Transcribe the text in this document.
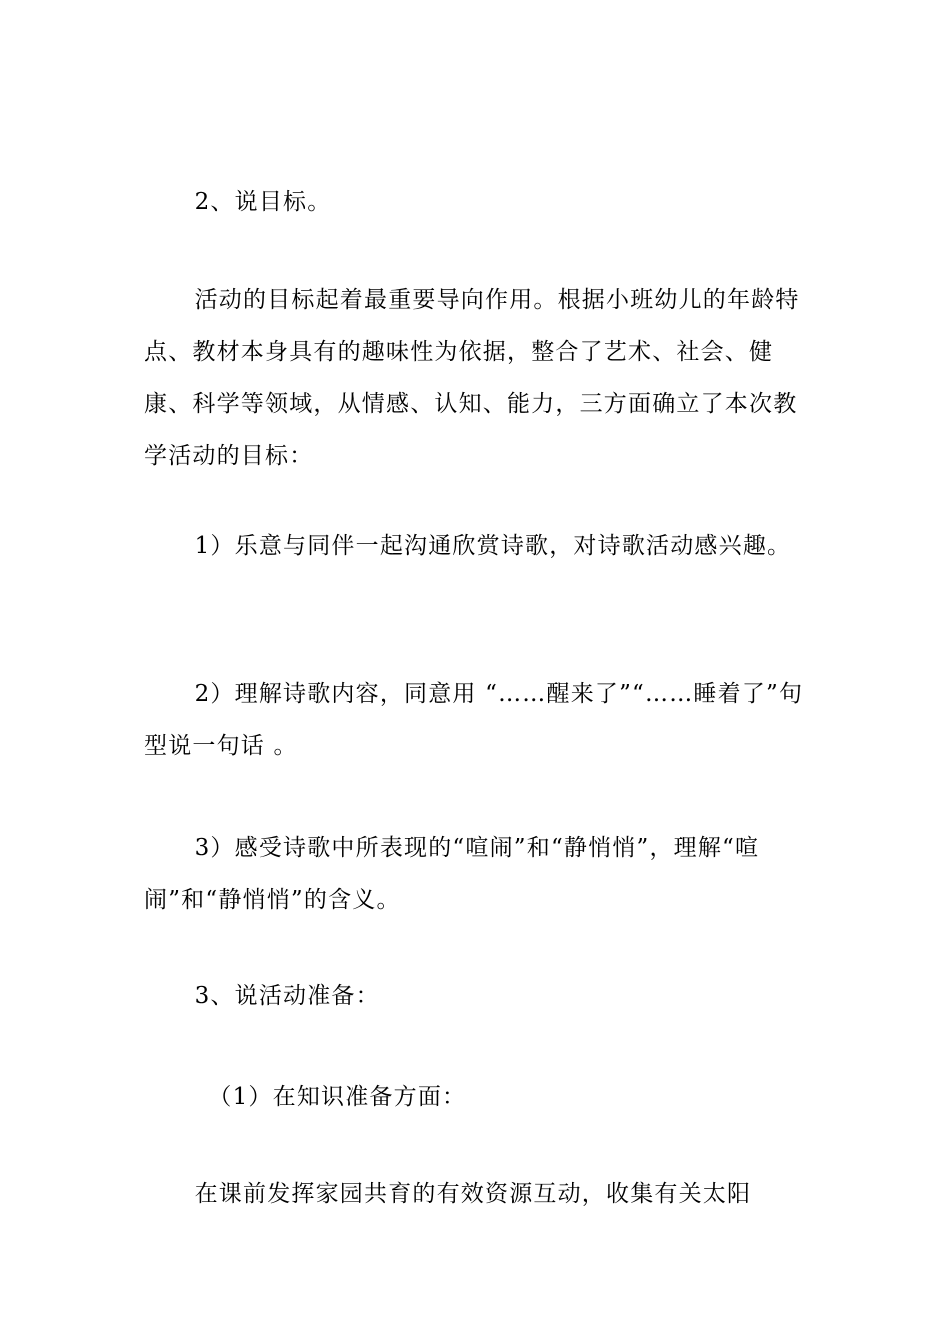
2、说目标。

活动的目标起着最重要导向作用。根据小班幼儿的年龄特点、教材本身具有的趣味性为依据，整合了艺术、社会、健康、科学等领域，从情感、认知、能力，三方面确立了本次教学活动的目标：

1）乐意与同伴一起沟通欣赏诗歌，对诗歌活动感兴趣。

2）理解诗歌内容，同意用 “……醒来了”“……睡着了”句型说一句话 。

3）感受诗歌中所表现的“喧闹”和“静悄悄”，理解“喧闹”和“静悄悄”的含义。

3、说活动准备：

（1）在知识准备方面：

在课前发挥家园共育的有效资源互动，收集有关太阳
